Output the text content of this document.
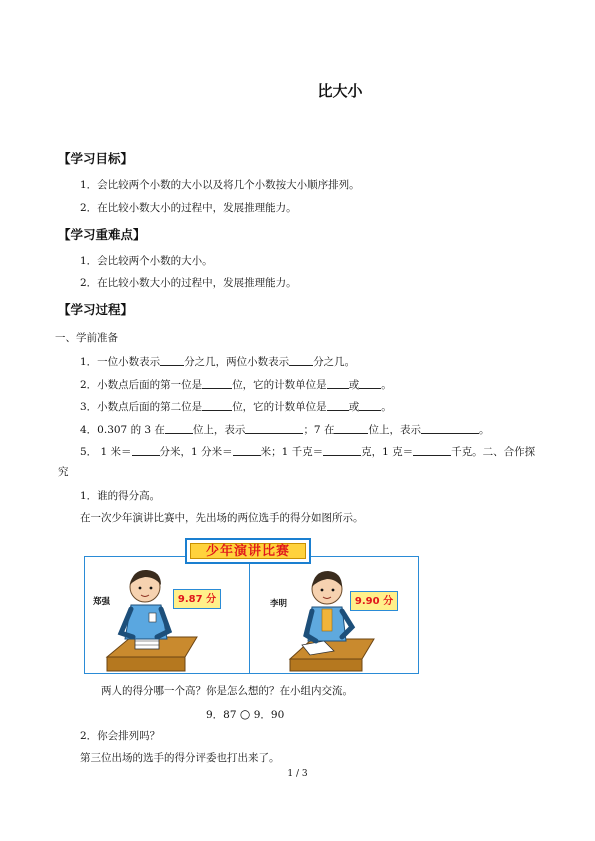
比大小
【学习目标】
1．会比较两个小数的大小以及将几个小数按大小顺序排列。
2．在比较小数大小的过程中，发展推理能力。
【学习重难点】
1．会比较两个小数的大小。
2．在比较小数大小的过程中，发展推理能力。
【学习过程】
一、学前准备
1．一位小数表示 分之几，两位小数表示 分之几。
2．小数点后面的第一位是	位，它的计数单位是 或 。
3．小数点后面的第二位是	位，它的计数单位是 或 。
4．0.307 的 3 在	位上，表示	；7 在	位上，表示	。
5． 1 米＝	分米，1 分米＝	米；1 千克＝	克，1 克＝	千克。二、合作探
究
1．谁的得分高。
在一次少年演讲比赛中，先出场的两位选手的得分如图所示。
郑强	9.87 分	李明	9.90 分
少年演讲比赛
两人的得分哪一个高？你是怎么想的？在小组内交流。
9．87 ○ 9．90
2．你会排列吗？
第三位出场的选手的得分评委也打出来了。
1 / 3
